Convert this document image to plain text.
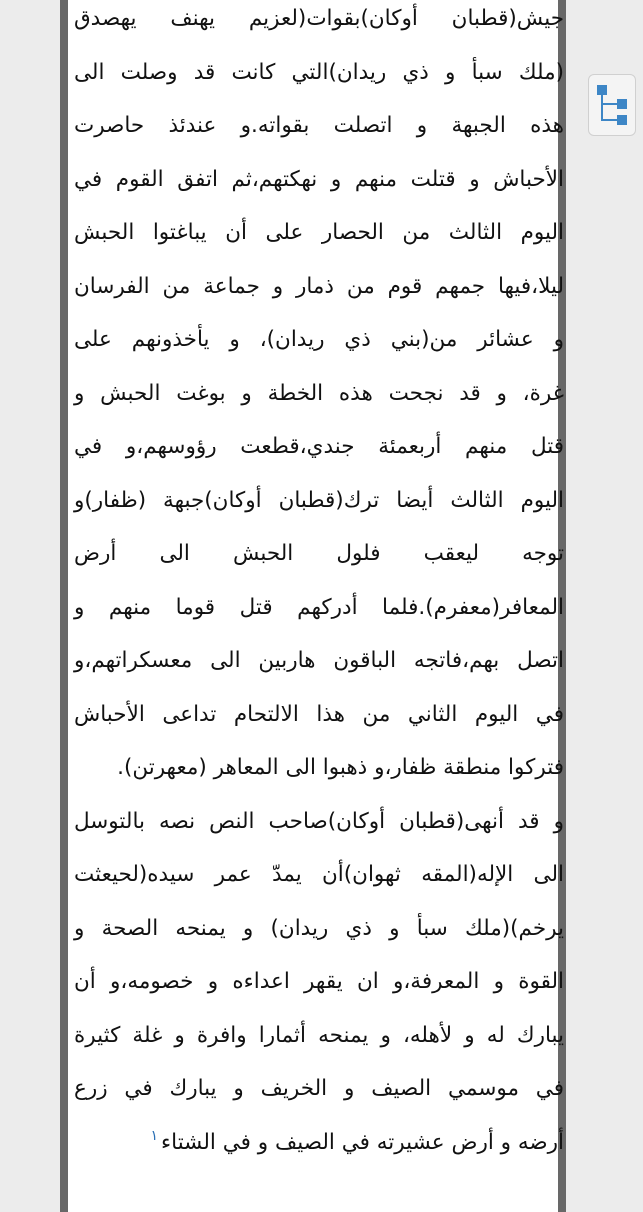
جيش(قطبان أوكان)بقوات(لعزيم يهنف يهصدق
(ملك سبأ و ذي ريدان)التي كانت قد وصلت الى
هذه الجبهة و اتصلت بقواته.و عندئذ حاصرت
الأحباش و قتلت منهم و نهكتهم،ثم اتفق القوم في
اليوم الثالث من الحصار على أن يباغتوا الحبش
ليلا،فيها جمهم قوم من ذمار و جماعة من الفرسان
و عشائر من(بني ذي ريدان)، و يأخذونهم على
غرة، و قد نجحت هذه الخطة و بوغت الحبش و
قتل منهم أربعمئة جندي،قطعت رؤوسهم،و في
اليوم الثالث أيضا ترك(قطبان أوكان)جبهة (ظفار)و
توجه ليعقب فلول الحبش الى أرض
المعافر(معفرم).فلما أدركهم قتل قوما منهم و
اتصل بهم،فاتجه الباقون هاربين الى معسكراتهم،و
في اليوم الثاني من هذا الالتحام تداعى الأحباش
فتركوا منطقة ظفار،و ذهبوا الى المعاهر (معهرتن).
و قد أنهى(قطبان أوكان)صاحب النص نصه بالتوسل
الى الإله(المقه ثهوان)أن يمدّ عمر سيده(لحيعثت
يرخم)(ملك سبأ و ذي ريدان) و يمنحه الصحة و
القوة و المعرفة،و ان يقهر اعداءه و خصومه،و أن
يبارك له و لأهله، و يمنحه أثمارا وافرة و غلة كثيرة
في موسمي الصيف و الخريف و يبارك في زرع
أرضه و أرض عشيرته في الصيف و في الشتاء$^١$
